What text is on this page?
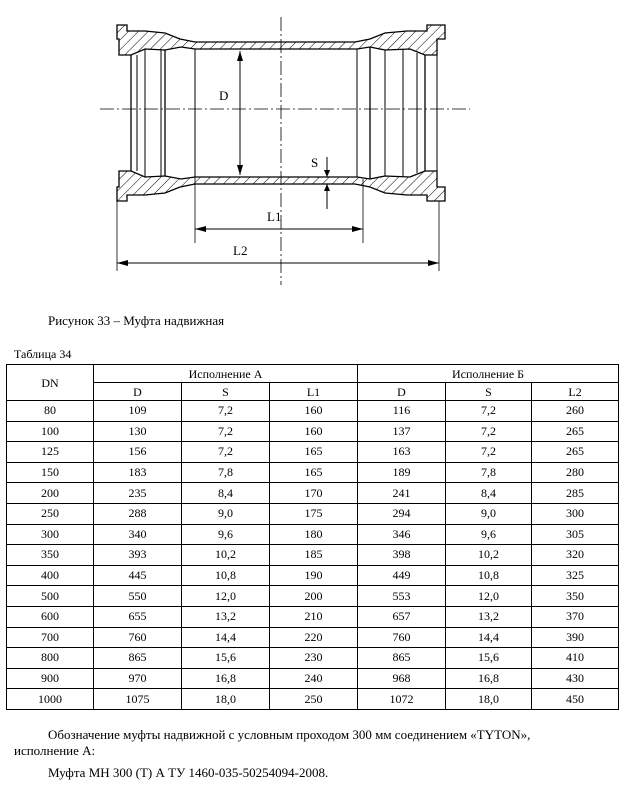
D
S
L1
L2
Рисунок 33 – Муфта надвижная
Таблица 34
DN	Исполнение А			Исполнение Б		
	D	S	L1	D	S	L2
80	109	7,2	160	116	7,2	260
100	130	7,2	160	137	7,2	265
125	156	7,2	165	163	7,2	265
150	183	7,8	165	189	7,8	280
200	235	8,4	170	241	8,4	285
250	288	9,0	175	294	9,0	300
300	340	9,6	180	346	9,6	305
350	393	10,2	185	398	10,2	320
400	445	10,8	190	449	10,8	325
500	550	12,0	200	553	12,0	350
600	655	13,2	210	657	13,2	370
700	760	14,4	220	760	14,4	390
800	865	15,6	230	865	15,6	410
900	970	16,8	240	968	16,8	430
1000	1075	18,0	250	1072	18,0	450

Обозначение муфты надвижной с условным проходом 300 мм соединением «TYTON»,

исполнение А:

Муфта МН 300 (Т) А ТУ 1460-035-50254094-2008.
